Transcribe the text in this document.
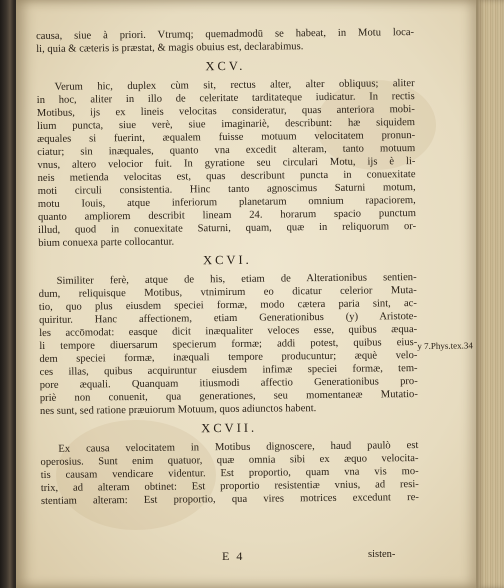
causa, siue à priori. Vtrumq; quemadmodū se habeat, in Motu loca-
li, quia & cæteris is præstat, & magis obuius est, declarabimus.
XCV.
Verum hic, duplex cùm sit, rectus alter, alter obliquus; aliter
in hoc, aliter in illo de celeritate tarditateque iudicatur. In rectis
Motibus, ijs ex lineis velocitas consideratur, quas anteriora mobi-
lium puncta, siue verè, siue imaginariè, describunt: hæ siquidem
æquales si fuerint, æqualem fuisse motuum velocitatem pronun-
ciatur; sin inæquales, quanto vna excedit alteram, tanto motuum
vnus, altero velocior fuit. In gyratione seu circulari Motu, ijs è li-
neis metienda velocitas est, quas describunt puncta in conuexitate
moti circuli consistentia. Hinc tanto agnoscimus Saturni motum,
motu Iouis, atque inferiorum planetarum omnium rapaciorem,
quanto ampliorem describit lineam 24. horarum spacio punctum
illud, quod in conuexitate Saturni, quam, quæ in reliquorum or-
bium conuexa parte collocantur.
XCVI.
Similiter ferè, atque de his, etiam de Alterationibus sentien-
dum, reliquisque Motibus, vtnimirum eo dicatur celerior Muta-
tio, quo plus eiusdem speciei formæ, modo cætera paria sint, ac-
quiritur. Hanc affectionem, etiam Generationibus (y) Aristote-
les accōmodat: easque dicit inæqualiter veloces esse, quibus æqua-
li tempore diuersarum specierum formæ; addi potest, quibus eius-
dem speciei formæ, inæquali tempore producuntur; æquè velo-
ces illas, quibus acquiruntur eiusdem infimæ speciei formæ, tem-
pore æquali. Quanquam itiusmodi affectio Generationibus pro-
priè non conuenit, qua generationes, seu momentaneæ Mutatio-
nes sunt, sed ratione præuiorum Motuum, quos adiunctos habent.
XCVII.
Ex causa velocitatem in Motibus dignoscere, haud paulò est
operosius. Sunt enim quatuor, quæ omnia sibi ex æquo velocita-
tis causam vendicare videntur. Est proportio, quam vna vis mo-
trix, ad alteram obtinet: Est proportio resistentiæ vnius, ad resi-
stentiam alteram: Est proportio, qua vires motrices excedunt re-
y 7.Phys.tex.34
E 4	sisten-
